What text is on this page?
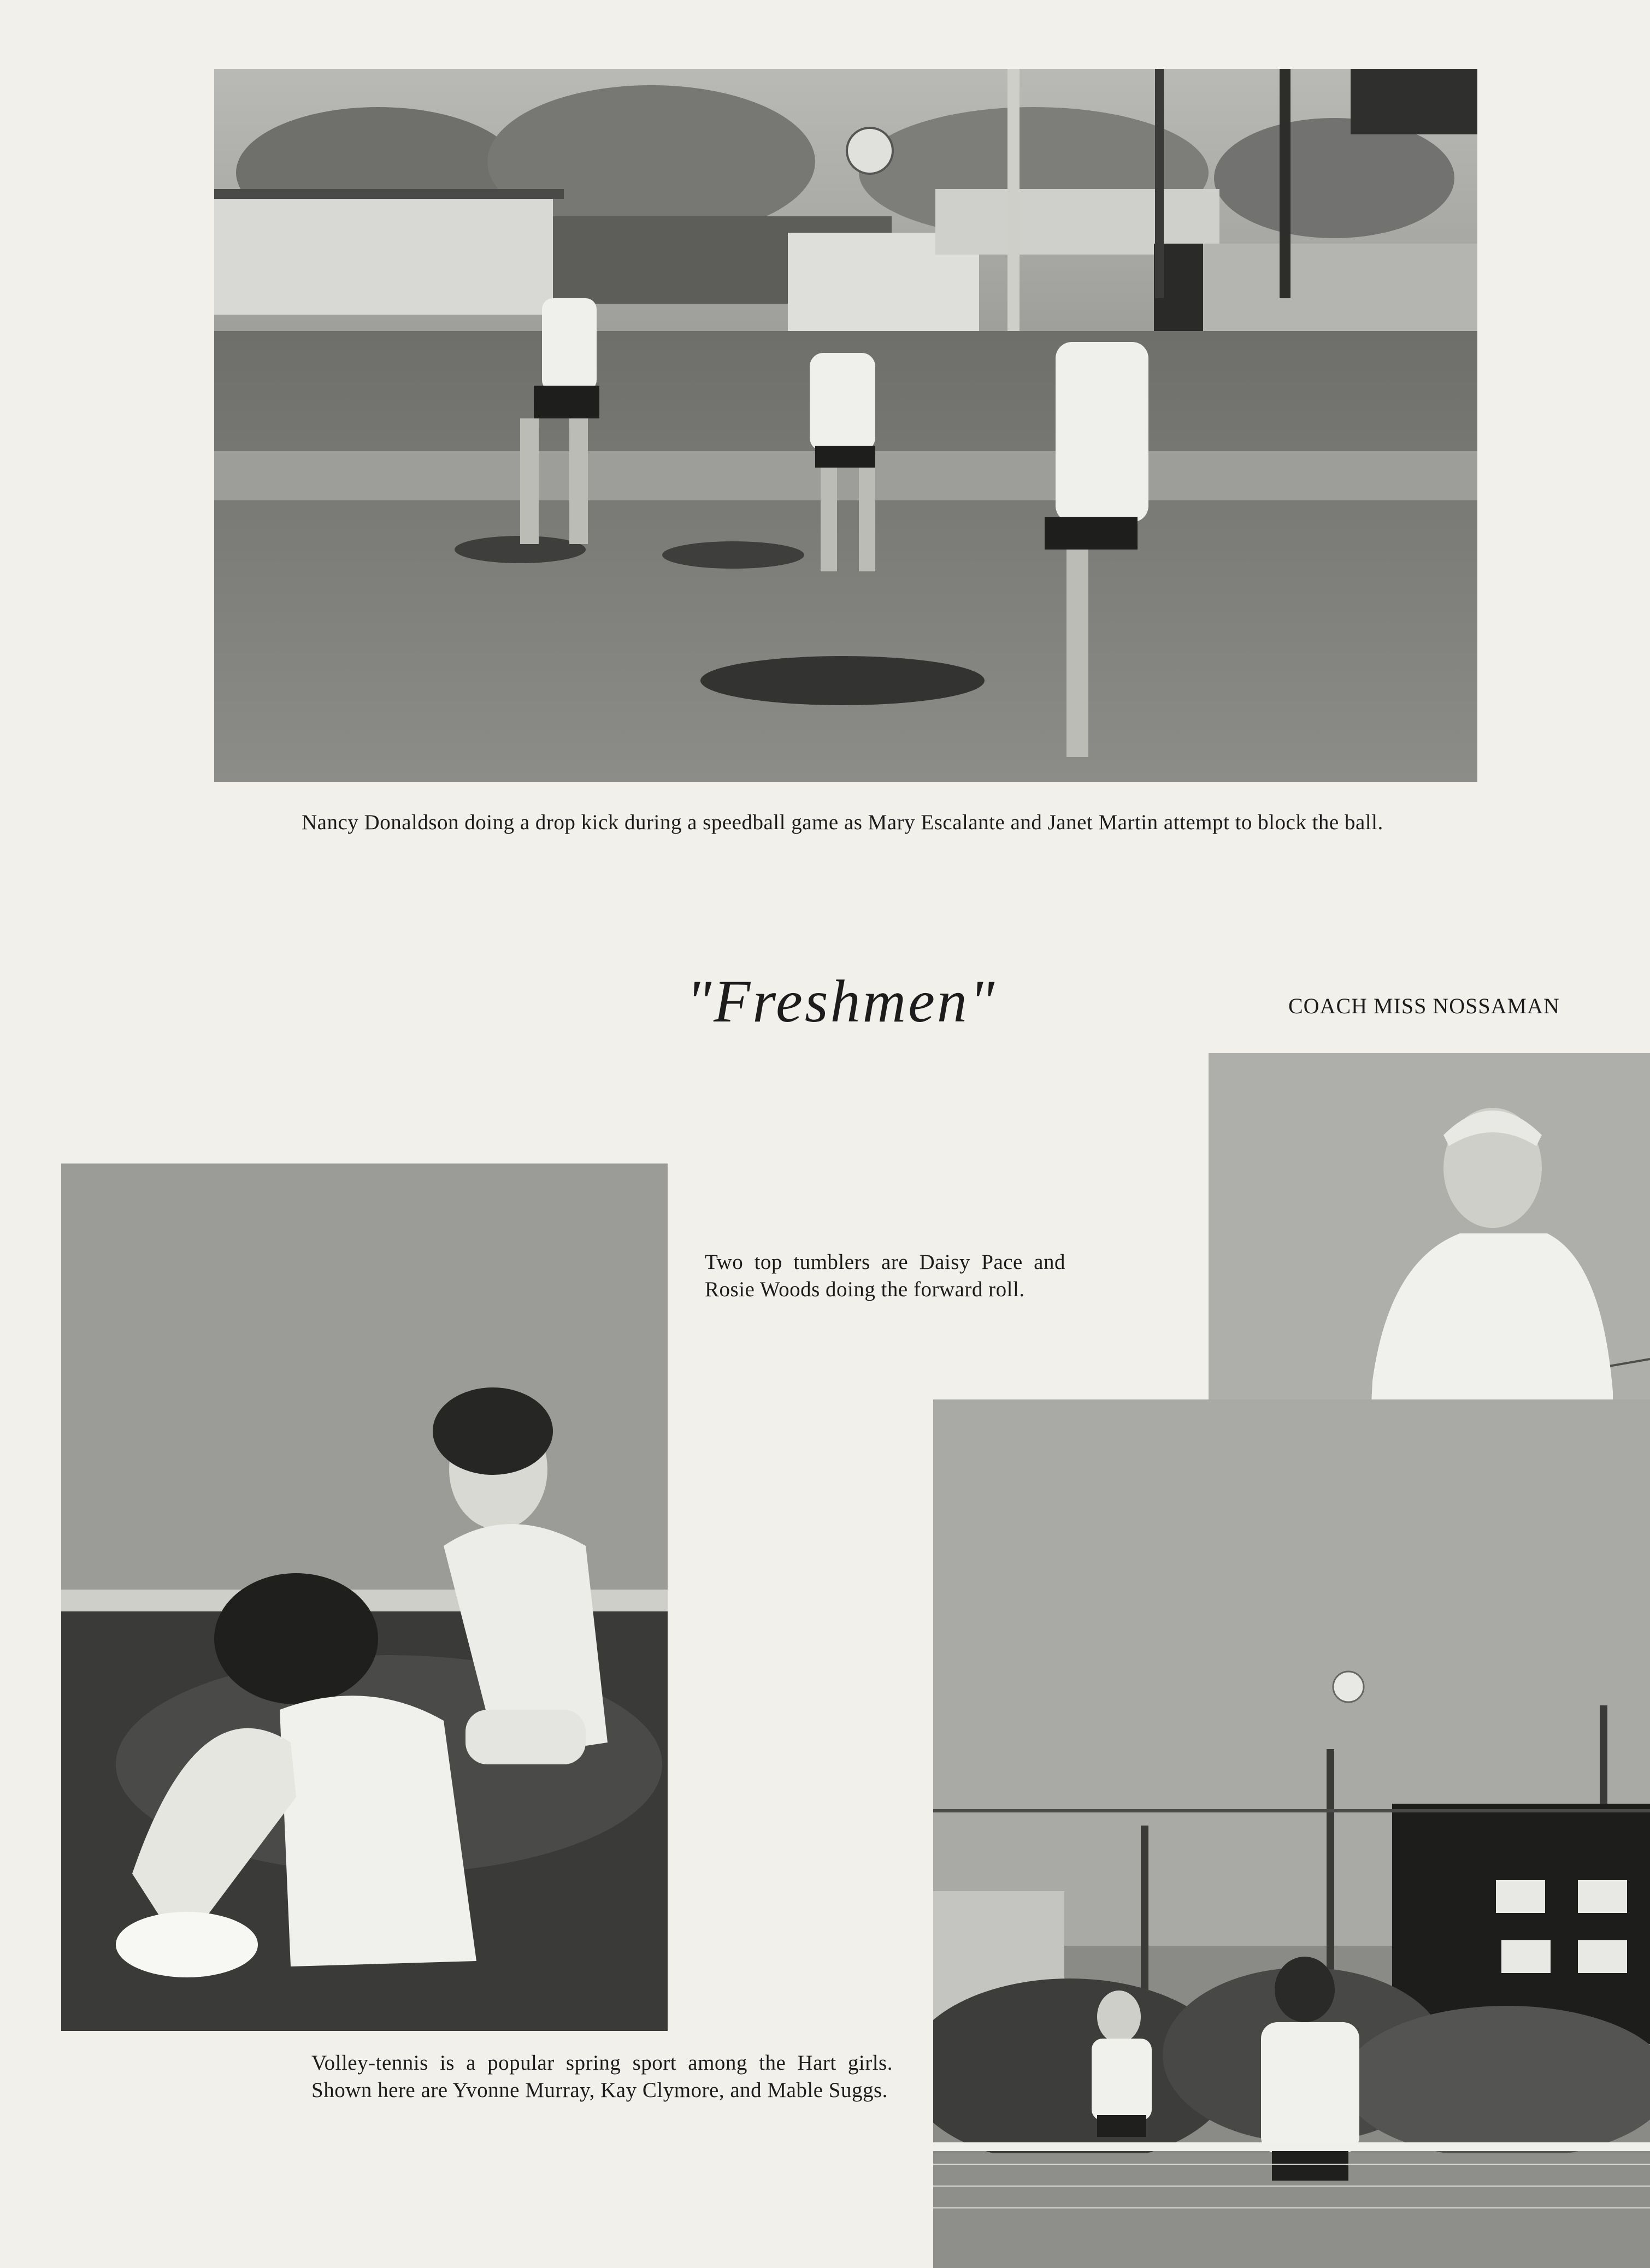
Nancy Donaldson doing a drop kick during a speedball game as Mary Escalante and Janet Martin attempt to block the ball.

"Freshmen"	COACH MISS NOSSAMAN

Two top tumblers are Daisy Pace and Rosie Woods doing the forward roll.

Volley-tennis is a popular spring sport among the Hart girls. Shown here are Yvonne Murray, Kay Clymore, and Mable Suggs.
